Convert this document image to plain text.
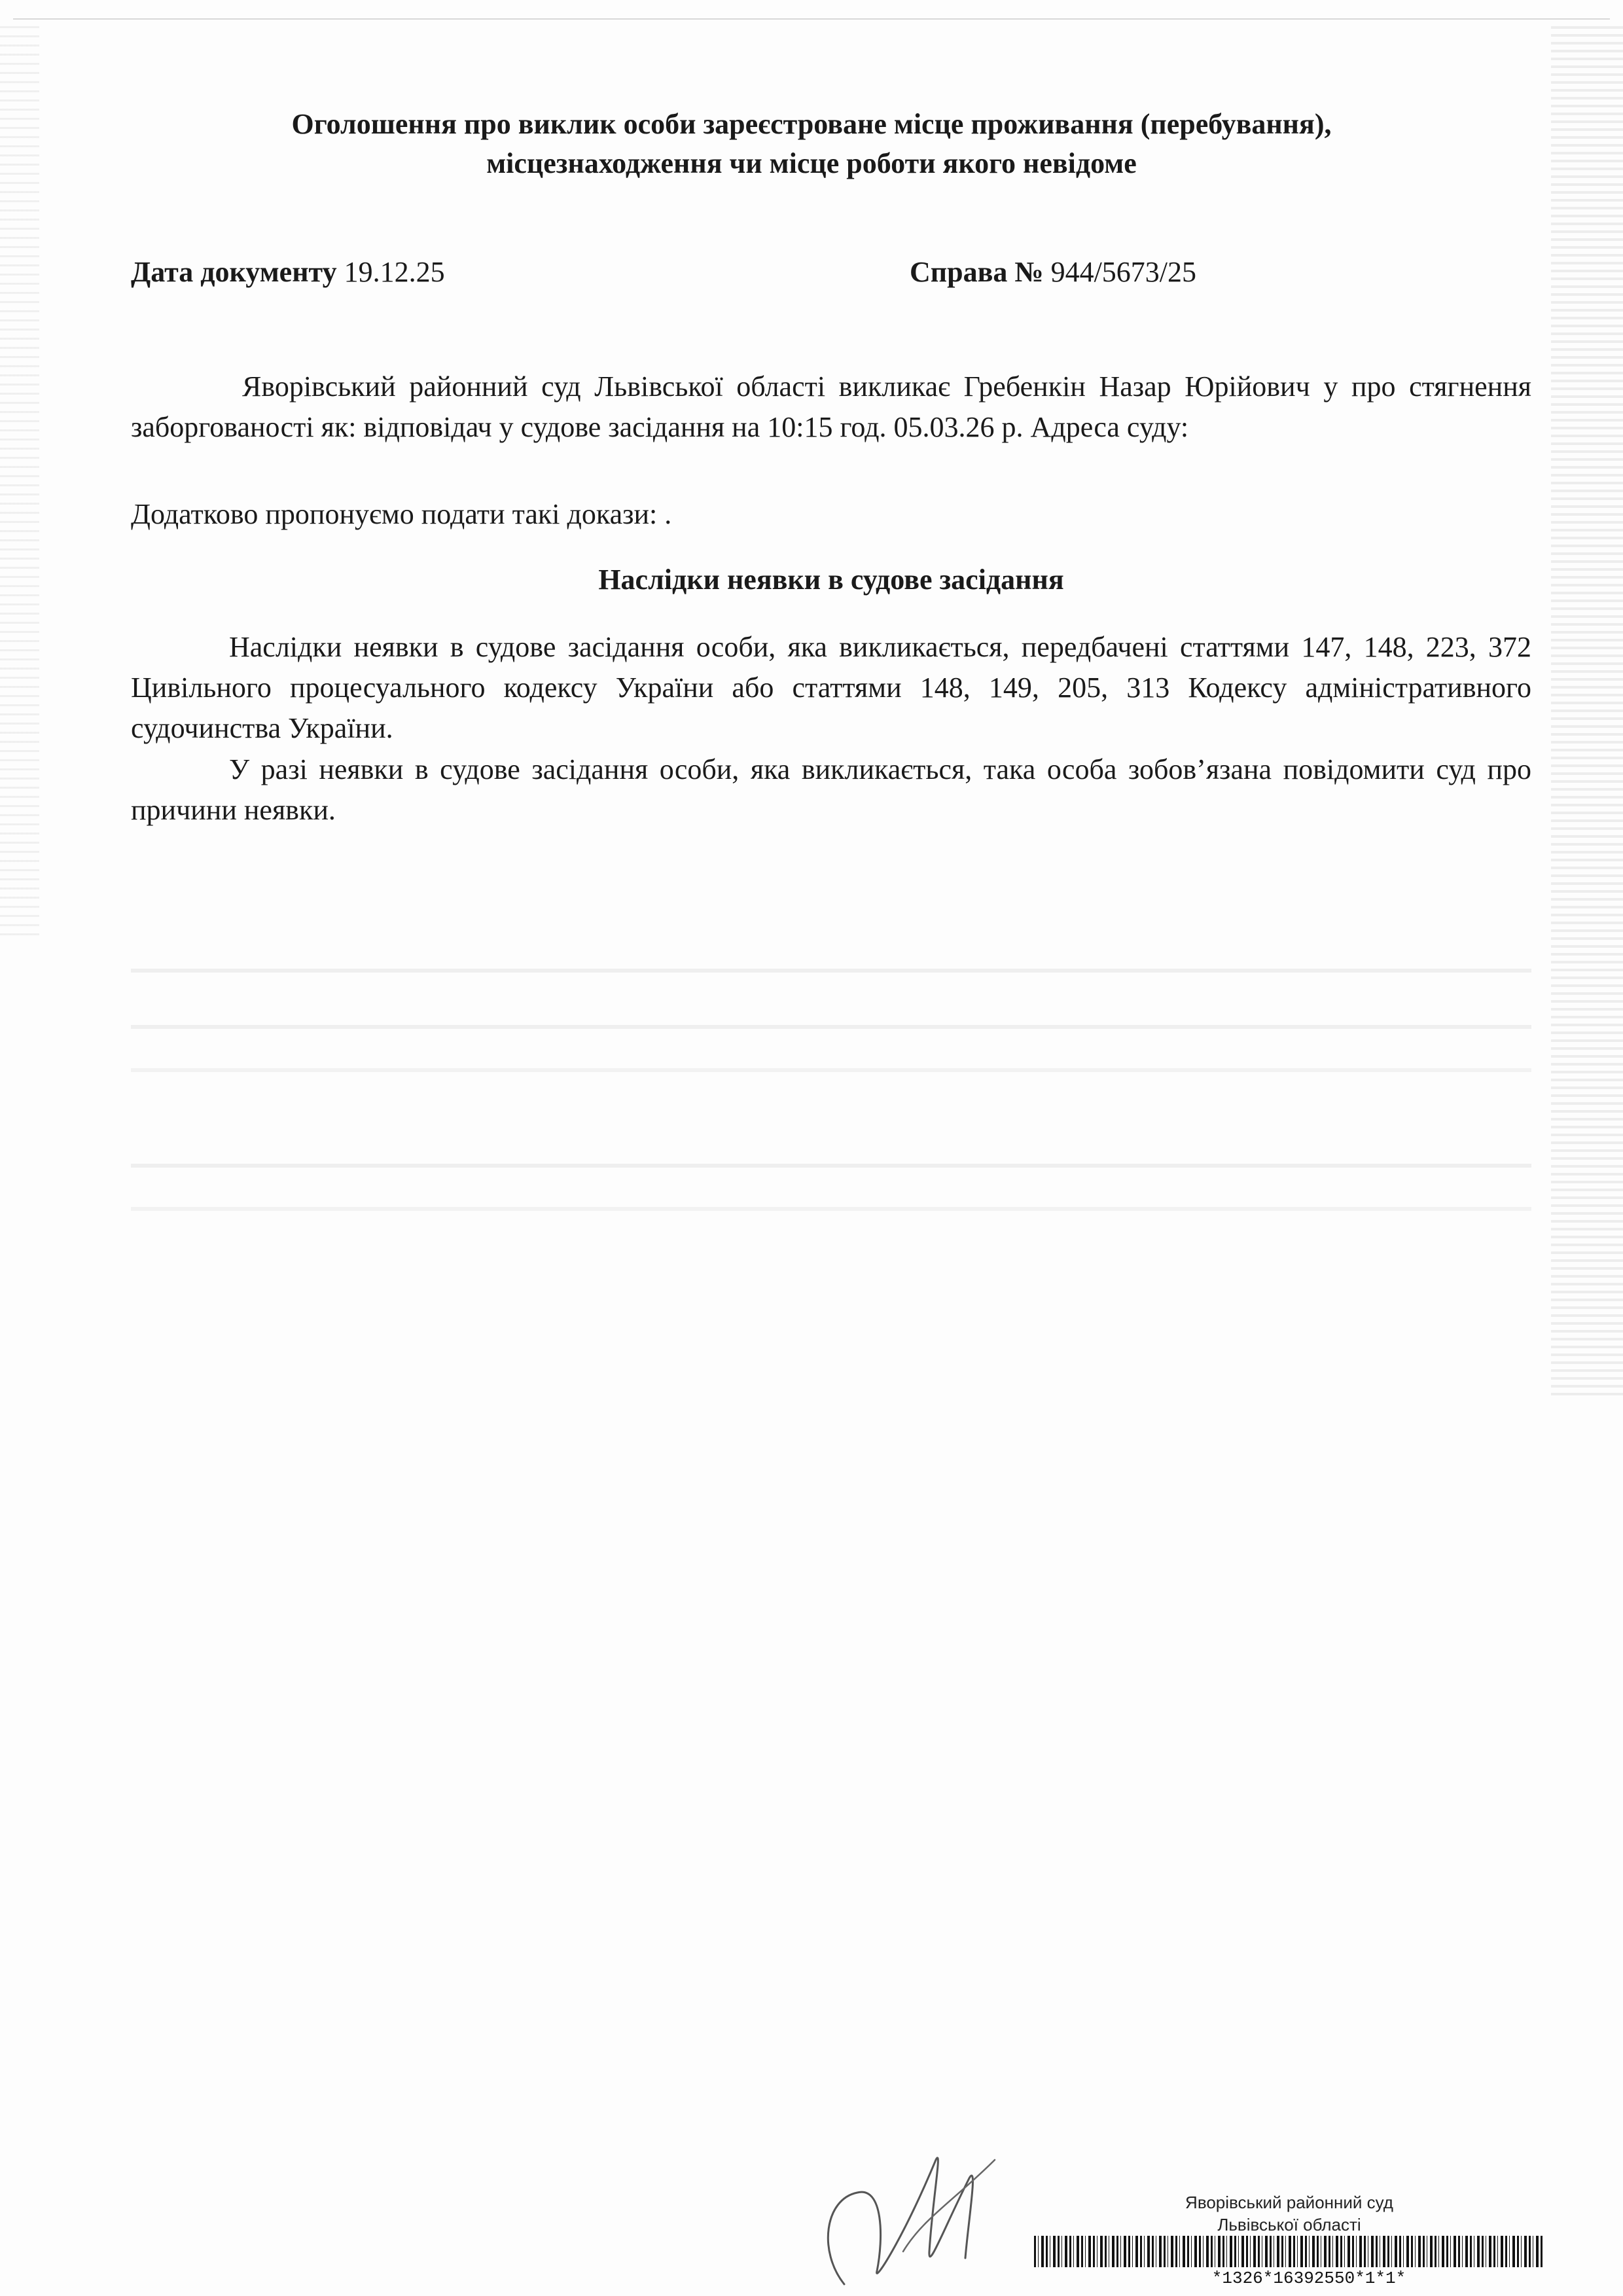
Оголошення про виклик особи зареєстроване місце проживання (перебування),
місцезнаходження чи місце роботи якого невідоме
Дата документу 19.12.25	Справа № 944/5673/25
Яворівський районний суд Львівської області викликає Гребенкін Назар Юрійович у про стягнення заборгованості як: відповідач у судове засідання на 10:15 год. 05.03.26 р. Адреса суду:
Додатково пропонуємо подати такі докази: .
Наслідки неявки в судове засідання
Наслідки неявки в судове засідання особи, яка викликається, передбачені статтями 147, 148, 223, 372 Цивільного процесуального кодексу України або статтями 148, 149, 205, 313 Кодексу адміністративного судочинства України.
У разі неявки в судове засідання особи, яка викликається, така особа зобов’язана повідомити суд про причини неявки.
Яворівський районний суд
Львівської області
*1326*16392550*1*1*
